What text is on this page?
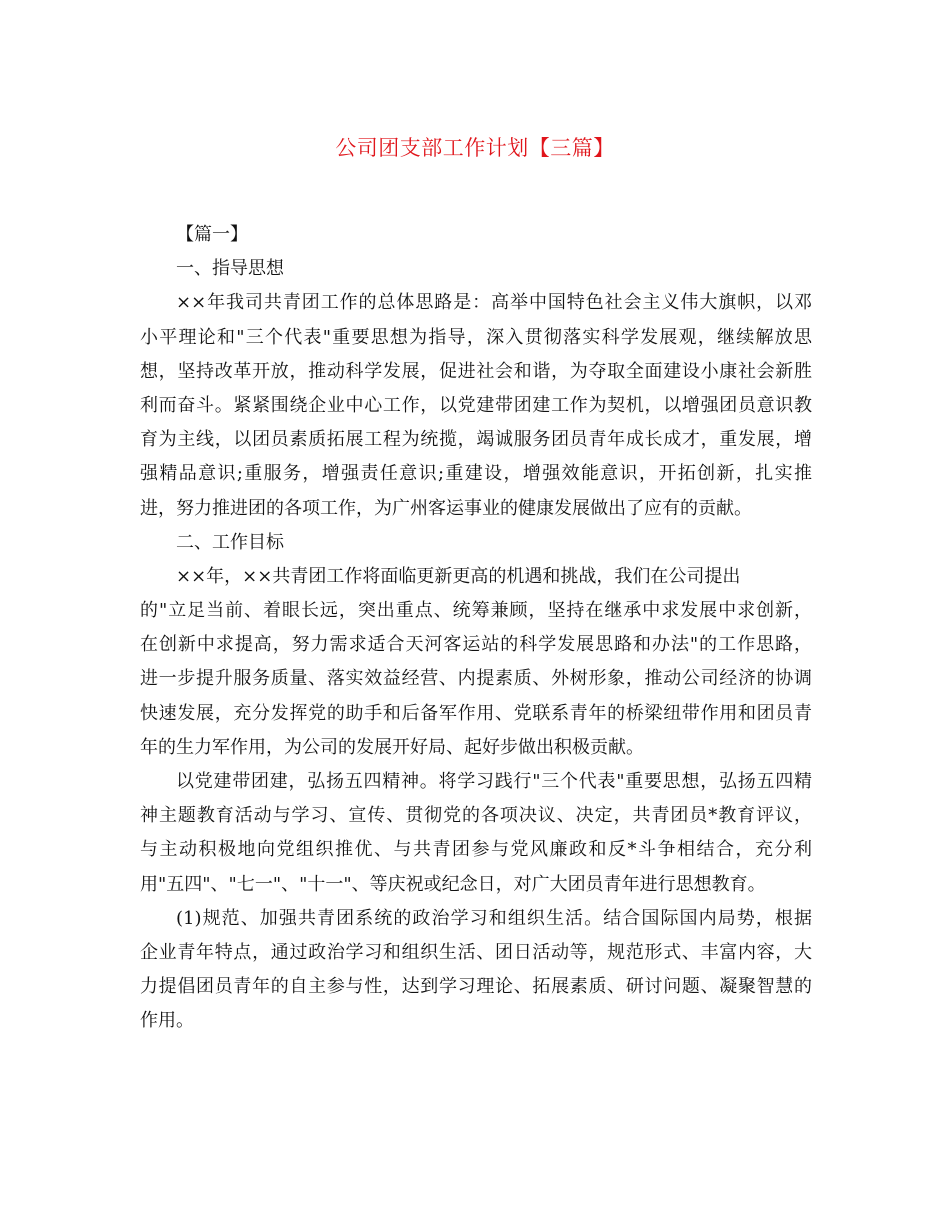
公司团支部工作计划【三篇】
【篇一】
一、指导思想
××年我司共青团工作的总体思路是：高举中国特色社会主义伟大旗帜，以邓
小平理论和"三个代表"重要思想为指导，深入贯彻落实科学发展观，继续解放思
想，坚持改革开放，推动科学发展，促进社会和谐，为夺取全面建设小康社会新胜
利而奋斗。紧紧围绕企业中心工作，以党建带团建工作为契机，以增强团员意识教
育为主线，以团员素质拓展工程为统揽，竭诚服务团员青年成长成才，重发展，增
强精品意识;重服务，增强责任意识;重建设，增强效能意识，开拓创新，扎实推
进，努力推进团的各项工作，为广州客运事业的健康发展做出了应有的贡献。
二、工作目标
××年，××共青团工作将面临更新更高的机遇和挑战，我们在公司提出
的"立足当前、着眼长远，突出重点、统筹兼顾，坚持在继承中求发展中求创新，
在创新中求提高，努力需求适合天河客运站的科学发展思路和办法"的工作思路，
进一步提升服务质量、落实效益经营、内提素质、外树形象，推动公司经济的协调
快速发展，充分发挥党的助手和后备军作用、党联系青年的桥梁纽带作用和团员青
年的生力军作用，为公司的发展开好局、起好步做出积极贡献。
以党建带团建，弘扬五四精神。将学习践行"三个代表"重要思想，弘扬五四精
神主题教育活动与学习、宣传、贯彻党的各项决议、决定，共青团员*教育评议，
与主动积极地向党组织推优、与共青团参与党风廉政和反*斗争相结合，充分利
用"五四"、"七一"、"十一"、等庆祝或纪念日，对广大团员青年进行思想教育。
(1)规范、加强共青团系统的政治学习和组织生活。结合国际国内局势，根据
企业青年特点，通过政治学习和组织生活、团日活动等，规范形式、丰富内容，大
力提倡团员青年的自主参与性，达到学习理论、拓展素质、研讨问题、凝聚智慧的
作用。
